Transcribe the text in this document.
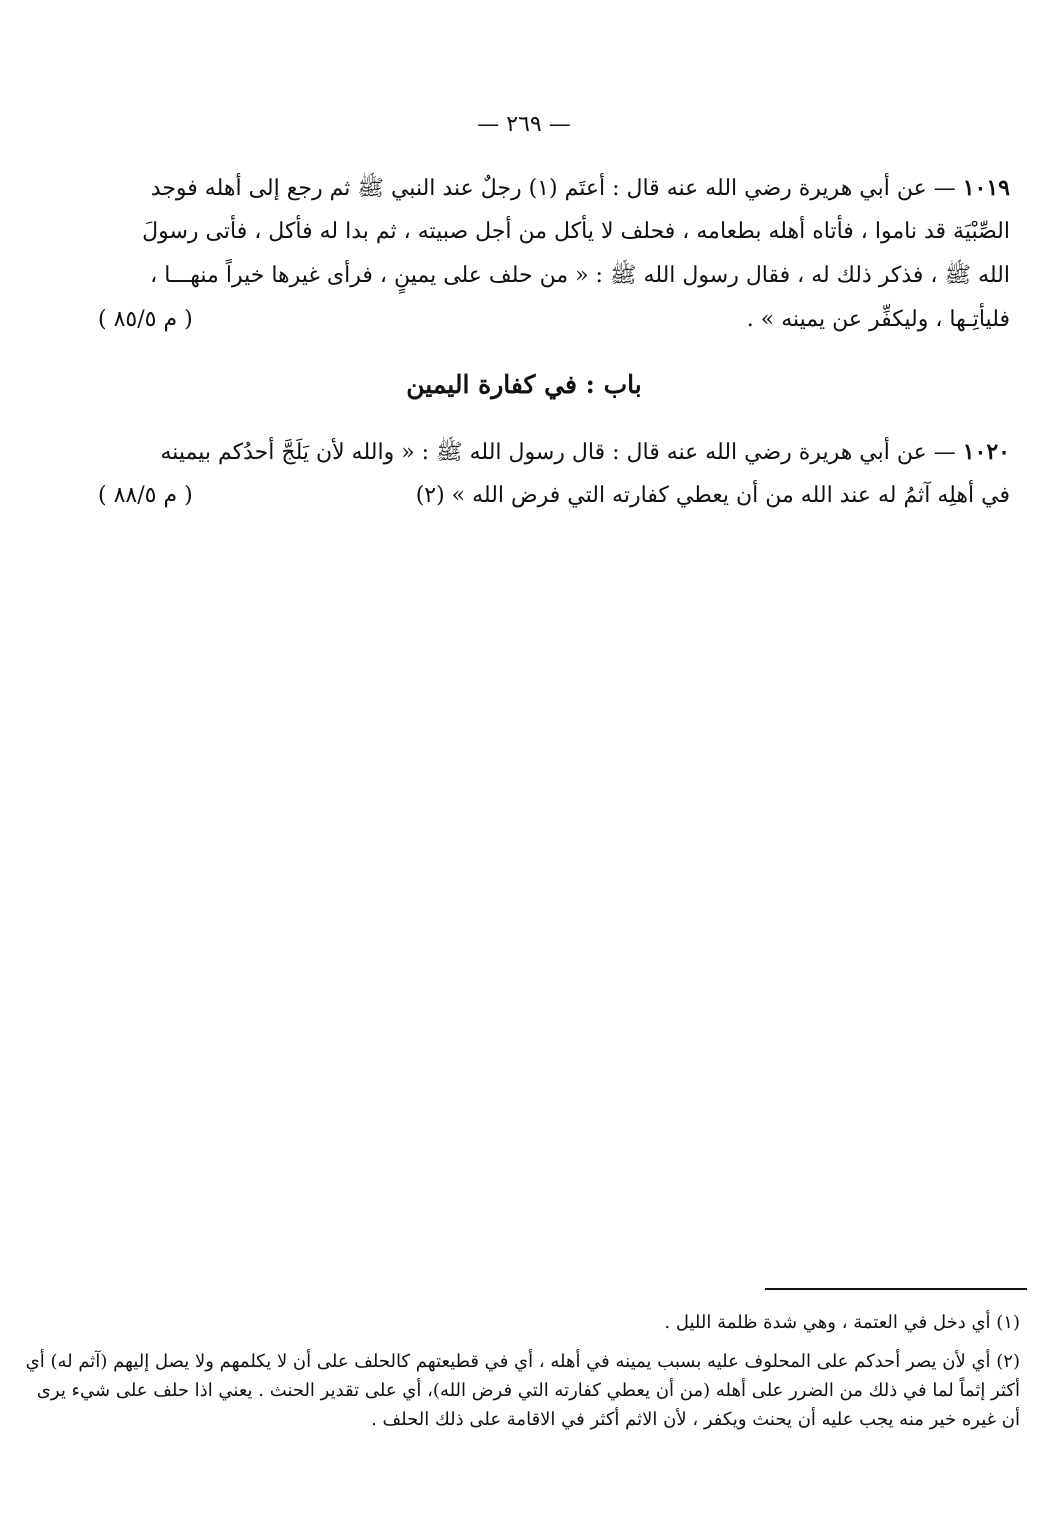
— ٢٦٩ —
١٠١٩ — عن أبي هريرة رضي الله عنه قال : أعتَم (١) رجلٌ عند النبي ﷺ ثم رجع إلى أهله فوجد
الصِّبْيَة قد ناموا ، فأتاه أهله بطعامه ، فحلف لا يأكل من أجل صبيته ، ثم بدا له فأكل ، فأتى رسولَ
الله ﷺ ، فذكر ذلك له ، فقال رسول الله ﷺ : « من حلف على يمينٍ ، فرأى غيرها خيراً منهـــا ،
فليأتِـها ، وليكفِّر عن يمينه » .
( م ٨٥/٥ )
باب : في كفارة اليمين
١٠٢٠ — عن أبي هريرة رضي الله عنه قال : قال رسول الله ﷺ : « والله لأن يَلَجَّ أحدُكم بيمينه
في أهلِه آثمُ له عند الله من أن يعطي كفارته التي فرض الله » (٢)
( م ٨٨/٥ )
(١) أي دخل في العتمة ، وهي شدة ظلمة الليل .
(٢) أي لأن يصر أحدكم على المحلوف عليه بسبب يمينه في أهله ، أي في قطيعتهم كالحلف على أن لا يكلمهم ولا يصل إليهم (آثم له) أي
أكثر إثماً لما في ذلك من الضرر على أهله (من أن يعطي كفارته التي فرض الله)، أي على تقدير الحنث . يعني اذا حلف على شيء يرى
أن غيره خير منه يجب عليه أن يحنث ويكفر ، لأن الاثم أكثر في الاقامة على ذلك الحلف .
